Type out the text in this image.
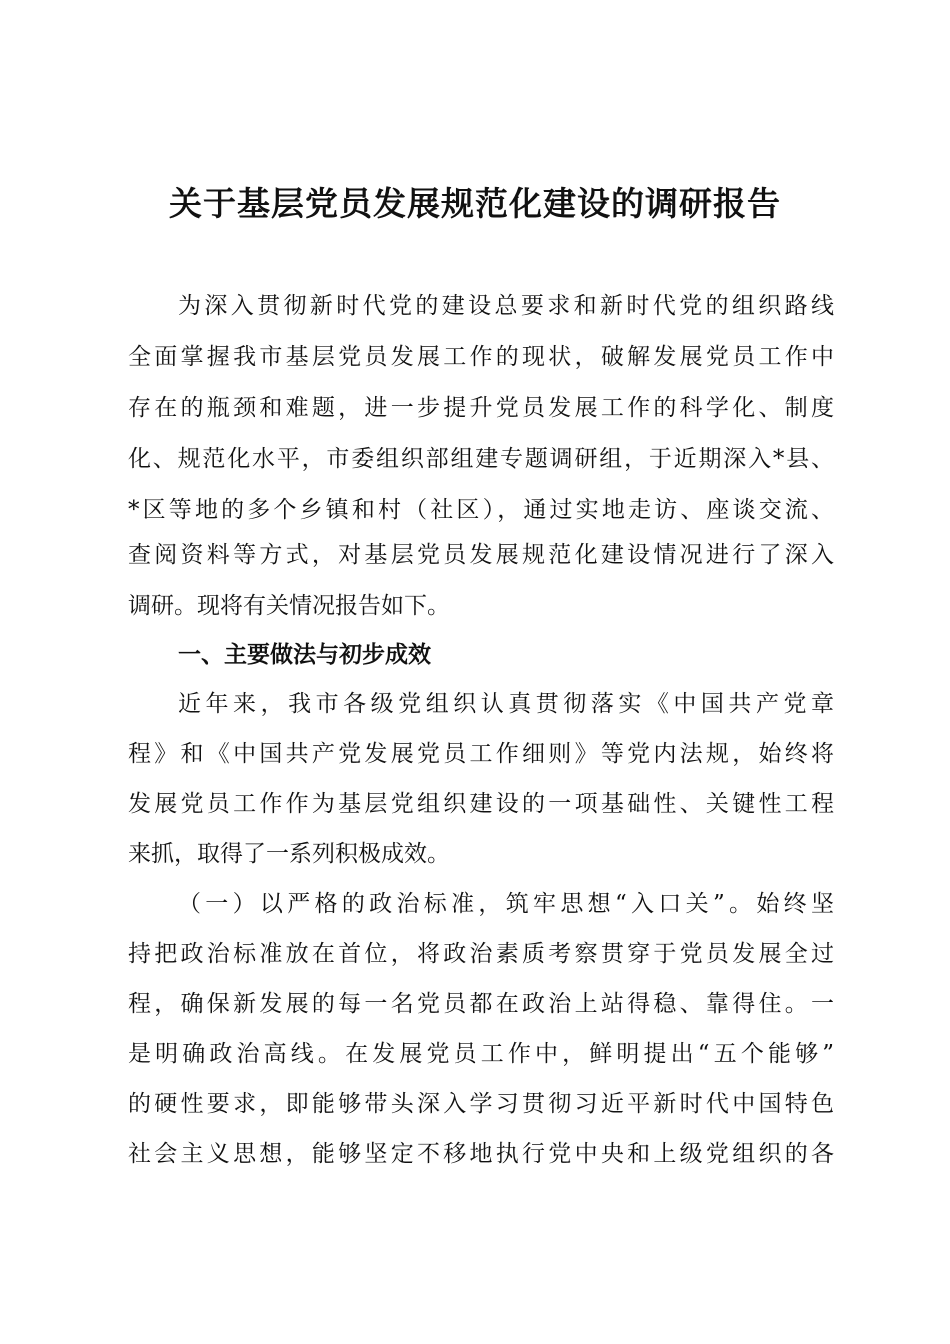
关于基层党员发展规范化建设的调研报告
为深入贯彻新时代党的建设总要求和新时代党的组织路线
全面掌握我市基层党员发展工作的现状，破解发展党员工作中
存在的瓶颈和难题，进一步提升党员发展工作的科学化、制度
化、规范化水平，市委组织部组建专题调研组，于近期深入*县、
*区等地的多个乡镇和村（社区），通过实地走访、座谈交流、
查阅资料等方式，对基层党员发展规范化建设情况进行了深入
调研。现将有关情况报告如下。
一、主要做法与初步成效
近年来，我市各级党组织认真贯彻落实《中国共产党章
程》和《中国共产党发展党员工作细则》等党内法规，始终将
发展党员工作作为基层党组织建设的一项基础性、关键性工程
来抓，取得了一系列积极成效。
（一）以严格的政治标准，筑牢思想“入口关”。始终坚
持把政治标准放在首位，将政治素质考察贯穿于党员发展全过
程，确保新发展的每一名党员都在政治上站得稳、靠得住。一
是明确政治高线。在发展党员工作中，鲜明提出“五个能够”
的硬性要求，即能够带头深入学习贯彻习近平新时代中国特色
社会主义思想，能够坚定不移地执行党中央和上级党组织的各
